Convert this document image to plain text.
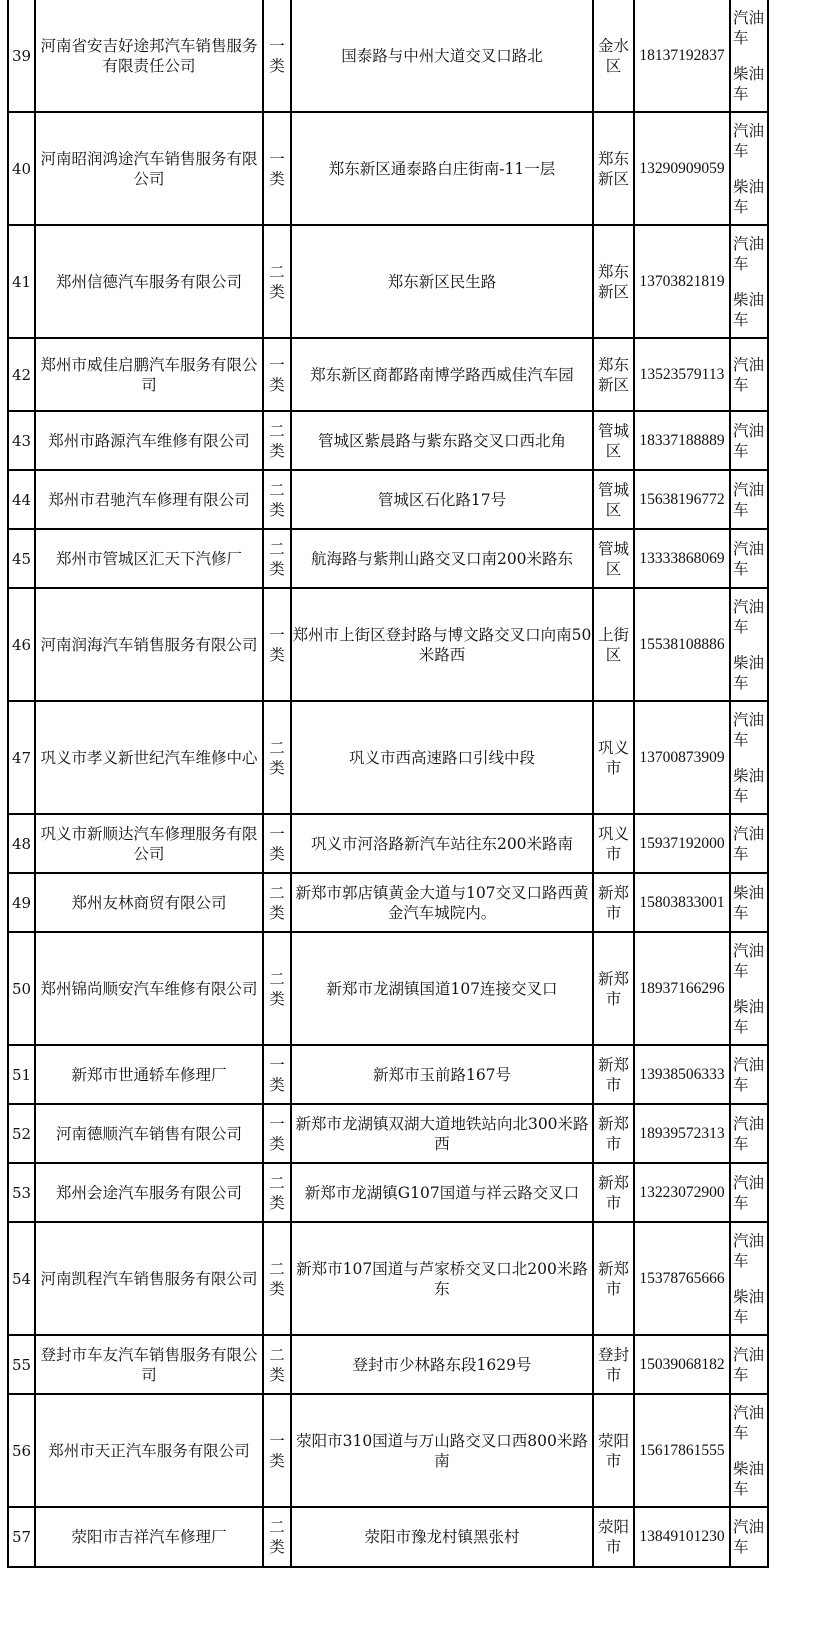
39	河南省安吉好途邦汽车销售服务有限责任公司	一类	国泰路与中州大道交叉口路北	金水区	18137192837	汽油车
柴油车

40	河南昭润鸿途汽车销售服务有限公司	一类	郑东新区通泰路白庄街南-11一层	郑东新区	13290909059	汽油车
柴油车

41	郑州信德汽车服务有限公司	二类	郑东新区民生路	郑东新区	13703821819	汽油车
柴油车

42	郑州市威佳启鹏汽车服务有限公司	一类	郑东新区商都路南博学路西威佳汽车园	郑东新区	13523579113	汽油车

43	郑州市路源汽车维修有限公司	二类	管城区紫晨路与紫东路交叉口西北角	管城区	18337188889	汽油车

44	郑州市君驰汽车修理有限公司	二类	管城区石化路17号	管城区	15638196772	汽油车

45	郑州市管城区汇天下汽修厂	二类	航海路与紫荆山路交叉口南200米路东	管城区	13333868069	汽油车

46	河南润海汽车销售服务有限公司	一类	郑州市上街区登封路与博文路交叉口向南50米路西	上街区	15538108886	汽油车
柴油车

47	巩义市孝义新世纪汽车维修中心	二类	巩义市西高速路口引线中段	巩义市	13700873909	汽油车
柴油车

48	巩义市新顺达汽车修理服务有限公司	一类	巩义市河洛路新汽车站往东200米路南	巩义市	15937192000	汽油车

49	郑州友林商贸有限公司	二类	新郑市郭店镇黄金大道与107交叉口路西黄金汽车城院内。	新郑市	15803833001	柴油车

50	郑州锦尚顺安汽车维修有限公司	二类	新郑市龙湖镇国道107连接交叉口	新郑市	18937166296	汽油车
柴油车

51	新郑市世通轿车修理厂	一类	新郑市玉前路167号	新郑市	13938506333	汽油车

52	河南德顺汽车销售有限公司	一类	新郑市龙湖镇双湖大道地铁站向北300米路西	新郑市	18939572313	汽油车

53	郑州会途汽车服务有限公司	二类	新郑市龙湖镇G107国道与祥云路交叉口	新郑市	13223072900	汽油车

54	河南凯程汽车销售服务有限公司	二类	新郑市107国道与芦家桥交叉口北200米路东	新郑市	15378765666	汽油车
柴油车

55	登封市车友汽车销售服务有限公司	二类	登封市少林路东段1629号	登封市	15039068182	汽油车

56	郑州市天正汽车服务有限公司	一类	荥阳市310国道与万山路交叉口西800米路南	荥阳市	15617861555	汽油车
柴油车

57	荥阳市吉祥汽车修理厂	二类	荥阳市豫龙村镇黑张村	荥阳市	13849101230	汽油车
